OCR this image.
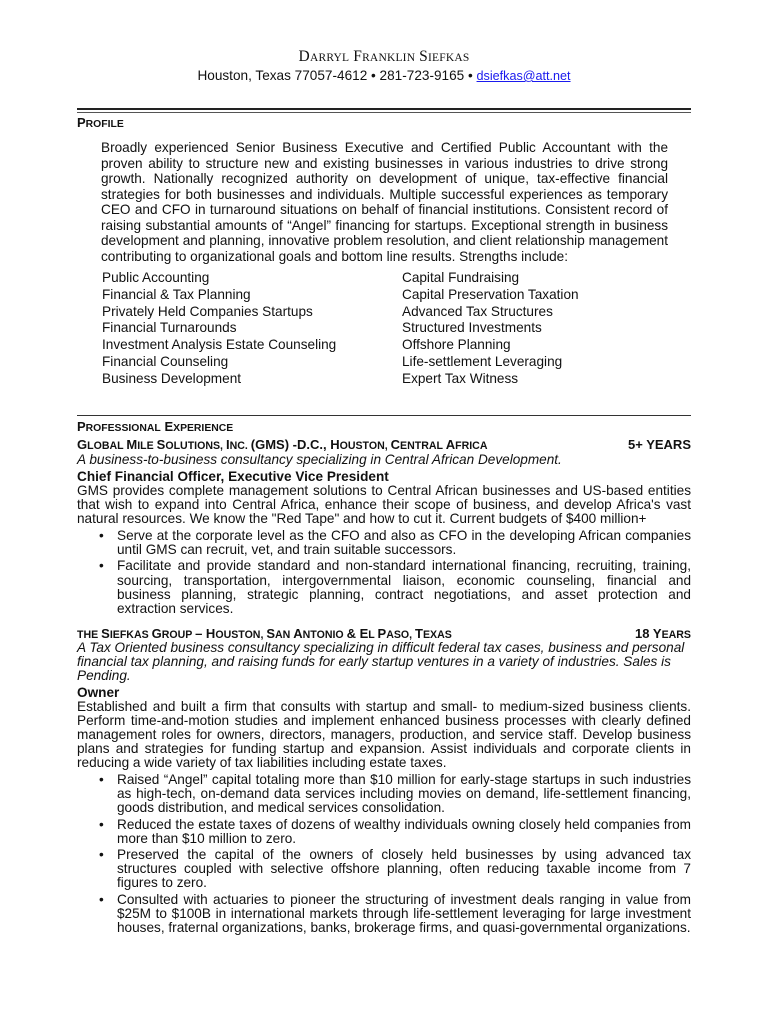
DARRYL FRANKLIN SIEFKAS
Houston, Texas 77057-4612 • 281-723-9165 • dsiefkas@att.net
PROFILE
Broadly experienced Senior Business Executive and Certified Public Accountant with the proven ability to structure new and existing businesses in various industries to drive strong growth. Nationally recognized authority on development of unique, tax-effective financial strategies for both businesses and individuals. Multiple successful experiences as temporary CEO and CFO in turnaround situations on behalf of financial institutions. Consistent record of raising substantial amounts of “Angel” financing for startups. Exceptional strength in business development and planning, innovative problem resolution, and client relationship management contributing to organizational goals and bottom line results. Strengths include:
Public Accounting
Financial & Tax Planning
Privately Held Companies Startups
Financial Turnarounds
Investment Analysis Estate Counseling
Financial Counseling
Business Development
Capital Fundraising
Capital Preservation Taxation
Advanced Tax Structures
Structured Investments
Offshore Planning
Life-settlement Leveraging
Expert Tax Witness
PROFESSIONAL EXPERIENCE
GLOBAL MILE SOLUTIONS, INC. (GMS) -D.C., HOUSTON, CENTRAL AFRICA	5+ YEARS
A business-to-business consultancy specializing in Central African Development.
Chief Financial Officer, Executive Vice President
GMS provides complete management solutions to Central African businesses and US-based entities that wish to expand into Central Africa, enhance their scope of business, and develop Africa's vast natural resources. We know the "Red Tape" and how to cut it. Current budgets of $400 million+
• Serve at the corporate level as the CFO and also as CFO in the developing African companies until GMS can recruit, vet, and train suitable successors.
• Facilitate and provide standard and non-standard international financing, recruiting, training, sourcing, transportation, intergovernmental liaison, economic counseling, financial and business planning, strategic planning, contract negotiations, and asset protection and extraction services.
THE SIEFKAS GROUP – HOUSTON, SAN ANTONIO & EL PASO, TEXAS	18 YEARS
A Tax Oriented business consultancy specializing in difficult federal tax cases, business and personal financial tax planning, and raising funds for early startup ventures in a variety of industries. Sales is Pending.
Owner
Established and built a firm that consults with startup and small- to medium-sized business clients. Perform time-and-motion studies and implement enhanced business processes with clearly defined management roles for owners, directors, managers, production, and service staff. Develop business plans and strategies for funding startup and expansion. Assist individuals and corporate clients in reducing a wide variety of tax liabilities including estate taxes.
• Raised “Angel” capital totaling more than $10 million for early-stage startups in such industries as high-tech, on-demand data services including movies on demand, life-settlement financing, goods distribution, and medical services consolidation.
• Reduced the estate taxes of dozens of wealthy individuals owning closely held companies from more than $10 million to zero.
• Preserved the capital of the owners of closely held businesses by using advanced tax structures coupled with selective offshore planning, often reducing taxable income from 7 figures to zero.
• Consulted with actuaries to pioneer the structuring of investment deals ranging in value from $25M to $100B in international markets through life-settlement leveraging for large investment houses, fraternal organizations, banks, brokerage firms, and quasi-governmental organizations.
